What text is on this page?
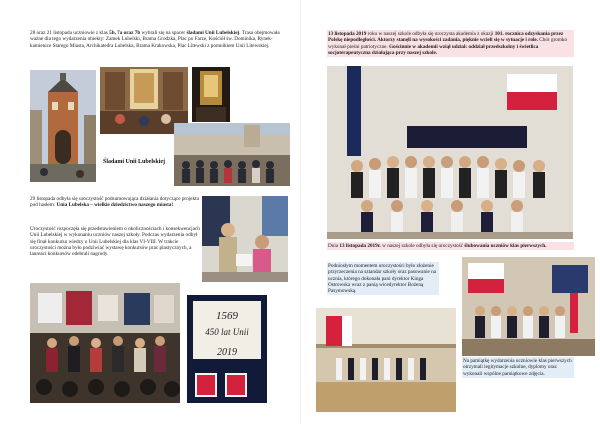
28 oraz 21 listopada uczniowie z klas 5b, 7a oraz 7b wybrali się na spacer śladami Unii Lubelskiej. Trasa obejmowała ważne dla tego wydarzenia obiekty: Zamek Lubelski, Brama Grodzka, Plac po Farze, Kościół św. Dominika, Rynek-kamienice Starego Miasta, Archikatedra Lubelska, Brama Krakowska, Plac Litewski z pomnikiem Unii Litewskiej.
Śladami Unii Lubelskiej
29 listopada odbyła się uroczystość podsumowująca działania dotyczące projektu pod hasłem: Unia Lubelska – wielkie dziedzictwo naszego miasta!
Uroczystość rozpoczęła się przedstawieniem o okolicznościach i konsekwencjach Unii Lubelskiej w wykonaniu uczniów naszej szkoły. Podczas wydarzenia odbył się finał konkursu wiedzy o Unii Lubelskiej dla klas VI-VIII. W trakcie uroczystości można było podziwiać wystawę konkursów prac plastycznych, a laureaci konkursów odebrali nagrody.
1569
450 lat Unii
2019
13 listopada 2019 roku w naszej szkole odbyła się uroczysta akademia z okazji 101. rocznica odzyskania przez Polskę niepodległości. Aktorzy stanęli na wysokości zadania, pięknie wcieli się w sytuacje i role. Chór gromko wykonał pieśni patriotyczne. Gościnnie w akademii wziął udział: oddział przedszkolny i świetlica socjoterapeutyczna działająca przy naszej szkole.
Dnia 13 listopada 2019r. w naszej szkole odbyła się uroczystość ślubowania uczniów klas pierwszych.
Podniosłym momentem uroczystości było złożenie przyrzeczenia na sztandar szkoły oraz pasowanie na ucznia, którego dokonała pani dyrektor Kinga Ostrowska wraz z panią wicedyrektor Bożeną Pasymowską.
Na pamiątkę wydarzenia uczniowie klas pierwszych otrzymali legitymacje szkolne, dyplomy oraz wykonali wspólne pamiątkowe zdjęcia.
